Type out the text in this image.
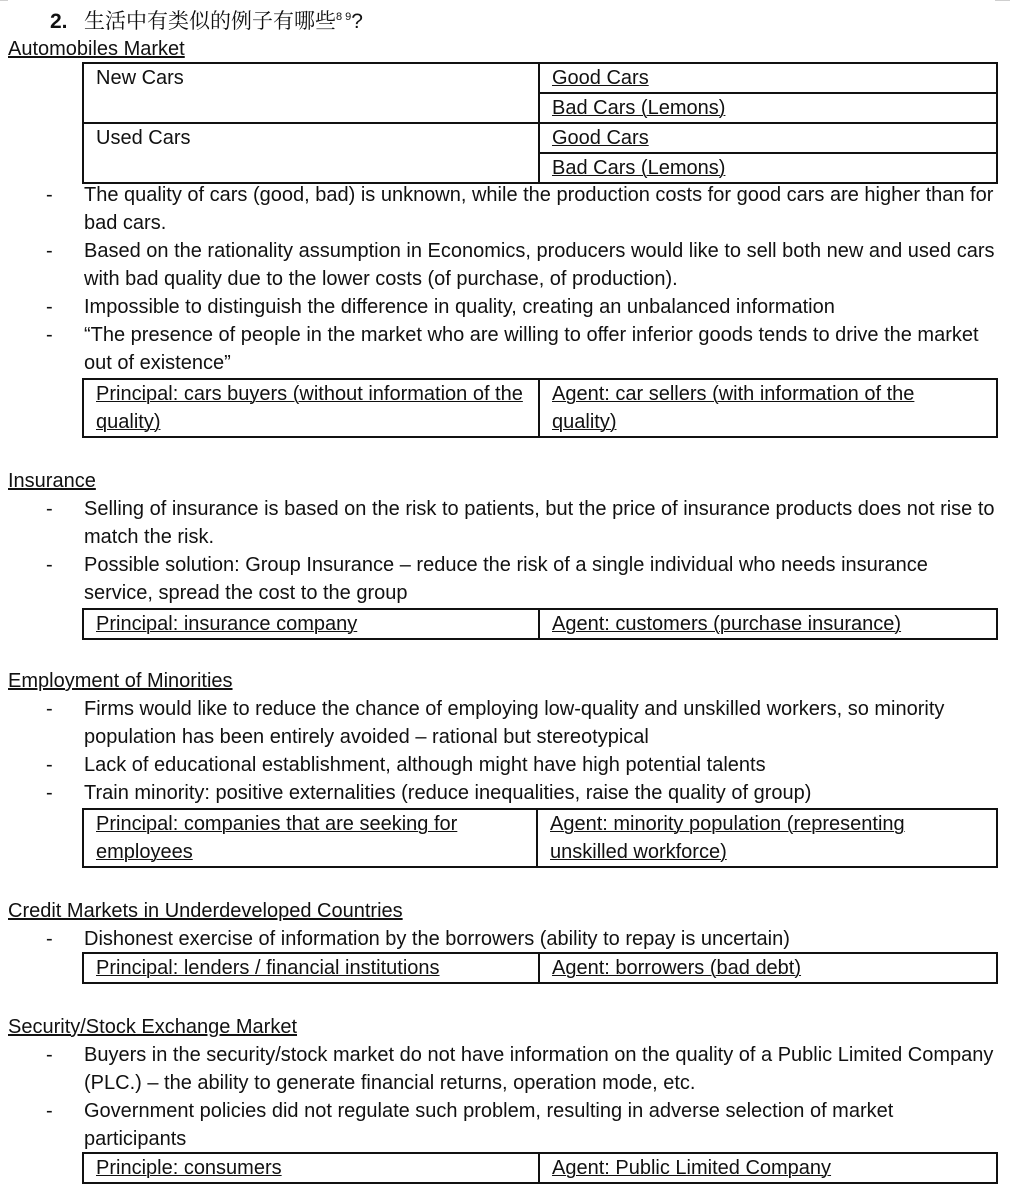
2. 生活中有类似的例子有哪些$^{8 9}$?
Automobiles Market
New Cars	Good Cars
	Bad Cars (Lemons)
Used Cars	Good Cars
	Bad Cars (Lemons)
- The quality of cars (good, bad) is unknown, while the production costs for good cars are higher than for bad cars.
- Based on the rationality assumption in Economics, producers would like to sell both new and used cars with bad quality due to the lower costs (of purchase, of production).
- Impossible to distinguish the difference in quality, creating an unbalanced information
- “The presence of people in the market who are willing to offer inferior goods tends to drive the market out of existence”
Principal: cars buyers (without information of the quality)	Agent: car sellers (with information of the quality)
Insurance
- Selling of insurance is based on the risk to patients, but the price of insurance products does not rise to match the risk.
- Possible solution: Group Insurance – reduce the risk of a single individual who needs insurance service, spread the cost to the group
Principal: insurance company	Agent: customers (purchase insurance)
Employment of Minorities
- Firms would like to reduce the chance of employing low-quality and unskilled workers, so minority population has been entirely avoided – rational but stereotypical
- Lack of educational establishment, although might have high potential talents
- Train minority: positive externalities (reduce inequalities, raise the quality of group)
Principal: companies that are seeking for employees	Agent: minority population (representing unskilled workforce)
Credit Markets in Underdeveloped Countries
- Dishonest exercise of information by the borrowers (ability to repay is uncertain)
Principal: lenders / financial institutions	Agent: borrowers (bad debt)
Security/Stock Exchange Market
- Buyers in the security/stock market do not have information on the quality of a Public Limited Company (PLC.) – the ability to generate financial returns, operation mode, etc.
- Government policies did not regulate such problem, resulting in adverse selection of market participants
Principle: consumers	Agent: Public Limited Company
